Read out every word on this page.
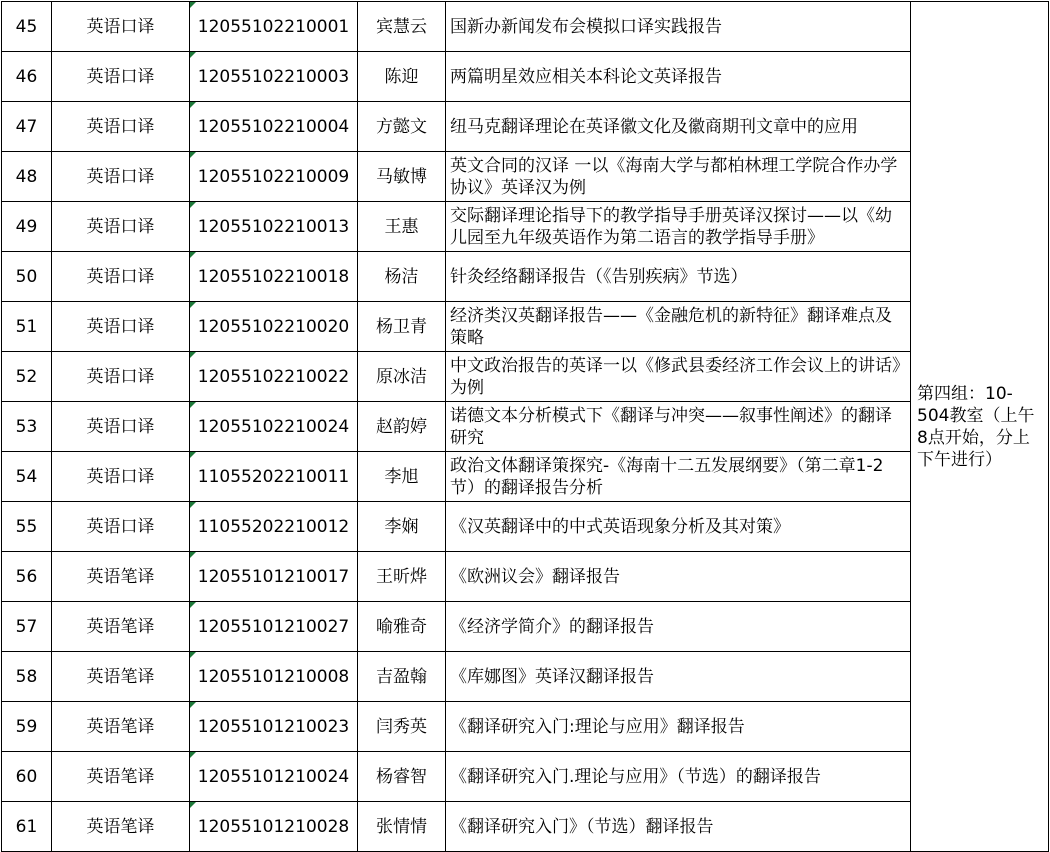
45	英语口译	12055102210001	宾慧云	国新办新闻发布会模拟口译实践报告	第四组：10-504教室（上午8点开始，分上下午进行）
46	英语口译	12055102210003	陈迎	两篇明星效应相关本科论文英译报告	

47	英语口译	12055102210004	方懿文	纽马克翻译理论在英译徽文化及徽商期刊文章中的应用	

48	英语口译	12055102210009	马敏博	英文合同的汉译 一以《海南大学与都柏林理工学院合作办学协议》英译汉为例	

49	英语口译	12055102210013	王惠	交际翻译理论指导下的教学指导手册英译汉探讨——以《幼儿园至九年级英语作为第二语言的教学指导手册》	

50	英语口译	12055102210018	杨洁	针灸经络翻译报告（《告别疾病》节选）	

51	英语口译	12055102210020	杨卫青	经济类汉英翻译报告——《金融危机的新特征》翻译难点及策略	

52	英语口译	12055102210022	原冰洁	中文政治报告的英译一以《修武县委经济工作会议上的讲话》为例	

53	英语口译	12055102210024	赵韵婷	诺德文本分析模式下《翻译与冲突——叙事性阐述》的翻译研究	

54	英语口译	11055202210011	李旭	政治文体翻译策探究-《海南十二五发展纲要》（第二章1-2节）的翻译报告分析	

55	英语口译	11055202210012	李娴	《汉英翻译中的中式英语现象分析及其对策》	

56	英语笔译	12055101210017	王昕烨	《欧洲议会》翻译报告	

57	英语笔译	12055101210027	喻雅奇	《经济学简介》的翻译报告	

58	英语笔译	12055101210008	吉盈翰	《库娜图》英译汉翻译报告	

59	英语笔译	12055101210023	闫秀英	《翻译研究入门:理论与应用》翻译报告	

60	英语笔译	12055101210024	杨睿智	《翻译研究入门.理论与应用》（节选）的翻译报告	

61	英语笔译	12055101210028	张情情	《翻译研究入门》（节选）翻译报告	
